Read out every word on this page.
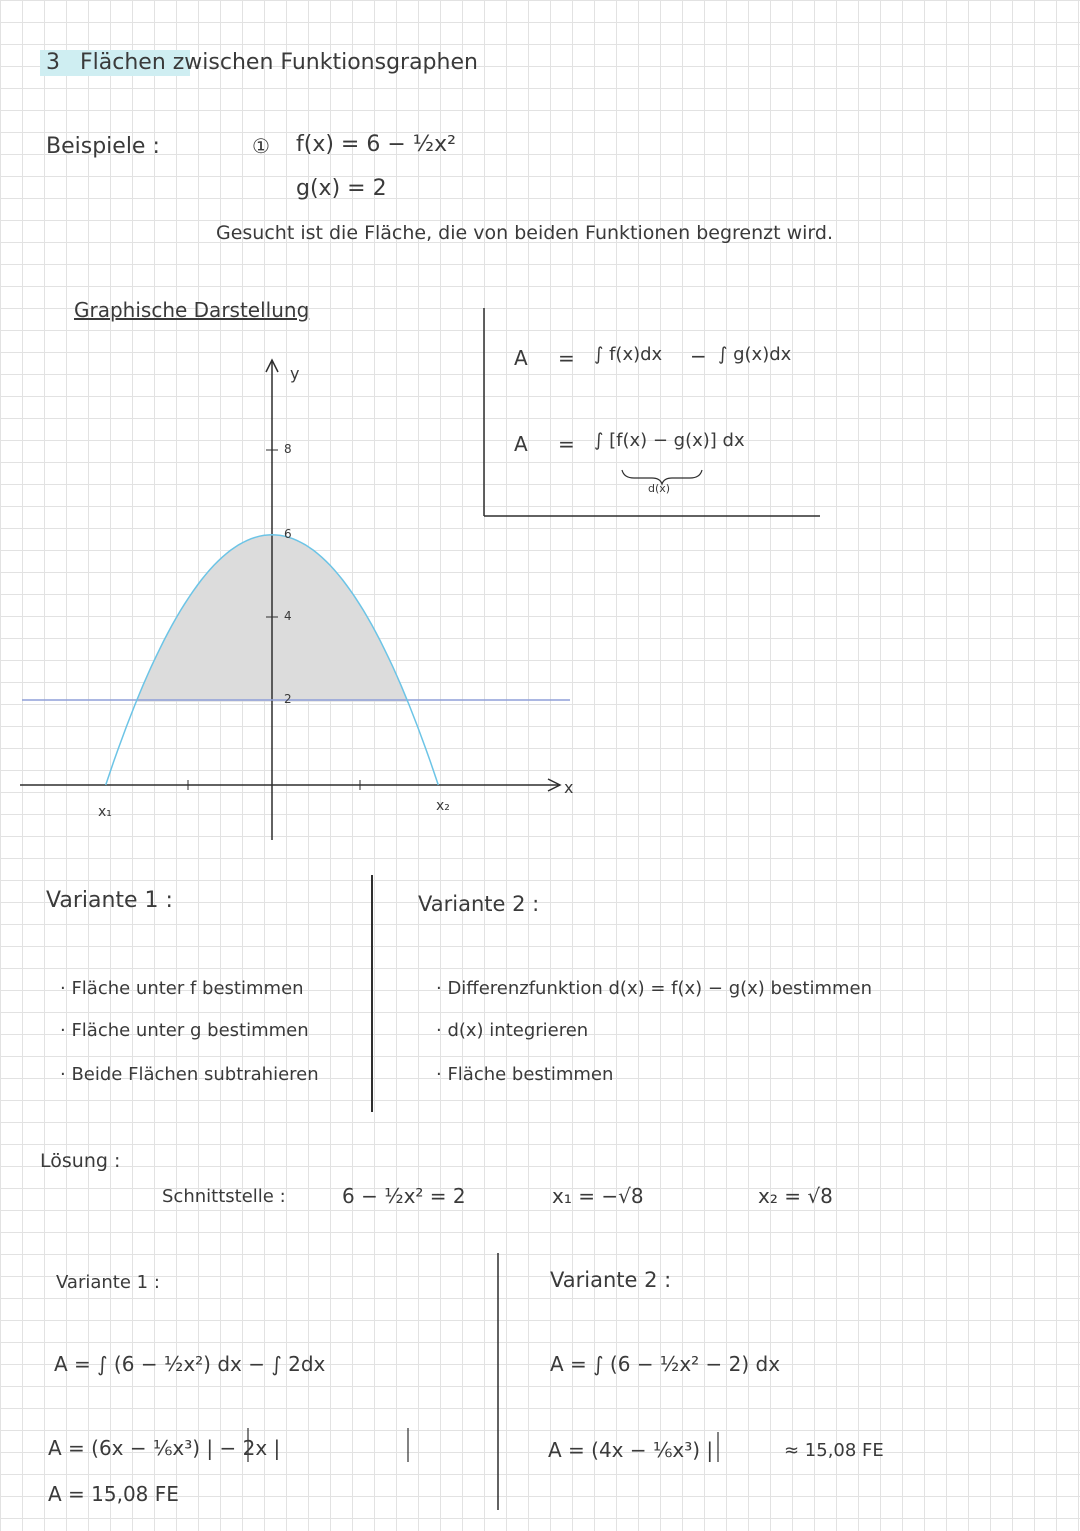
3 Flächen zwischen Funktionsgraphen
Beispiele :	① f(x) = 6 − ½x²
g(x) = 2
Gesucht ist die Fläche, die von beiden Funktionen begrenzt wird.
Graphische Darstellung
y
x
8
6
4
2
x₁	x₂
A = ∫ f(x)dx − ∫ g(x)dx
A = ∫ [f(x) − g(x)] dx
d(x)
Variante 1 :
· Fläche unter f bestimmen
· Fläche unter g bestimmen
· Beide Flächen subtrahieren
Variante 2 :
· Differenzfunktion d(x) = f(x) − g(x) bestimmen
· d(x) integrieren
· Fläche bestimmen
Lösung :
Schnittstelle :	6 − ½x² = 2	x₁ = −√8	x₂ = √8
Variante 1 :
A = ∫ (6 − ½x²) dx − ∫ 2dx
A = (6x − ⅙x³) | − 2x |
A = 15,08 FE
Variante 2 :
A = ∫ (6 − ½x² − 2) dx
A = (4x − ⅙x³) |	≈ 15,08 FE
